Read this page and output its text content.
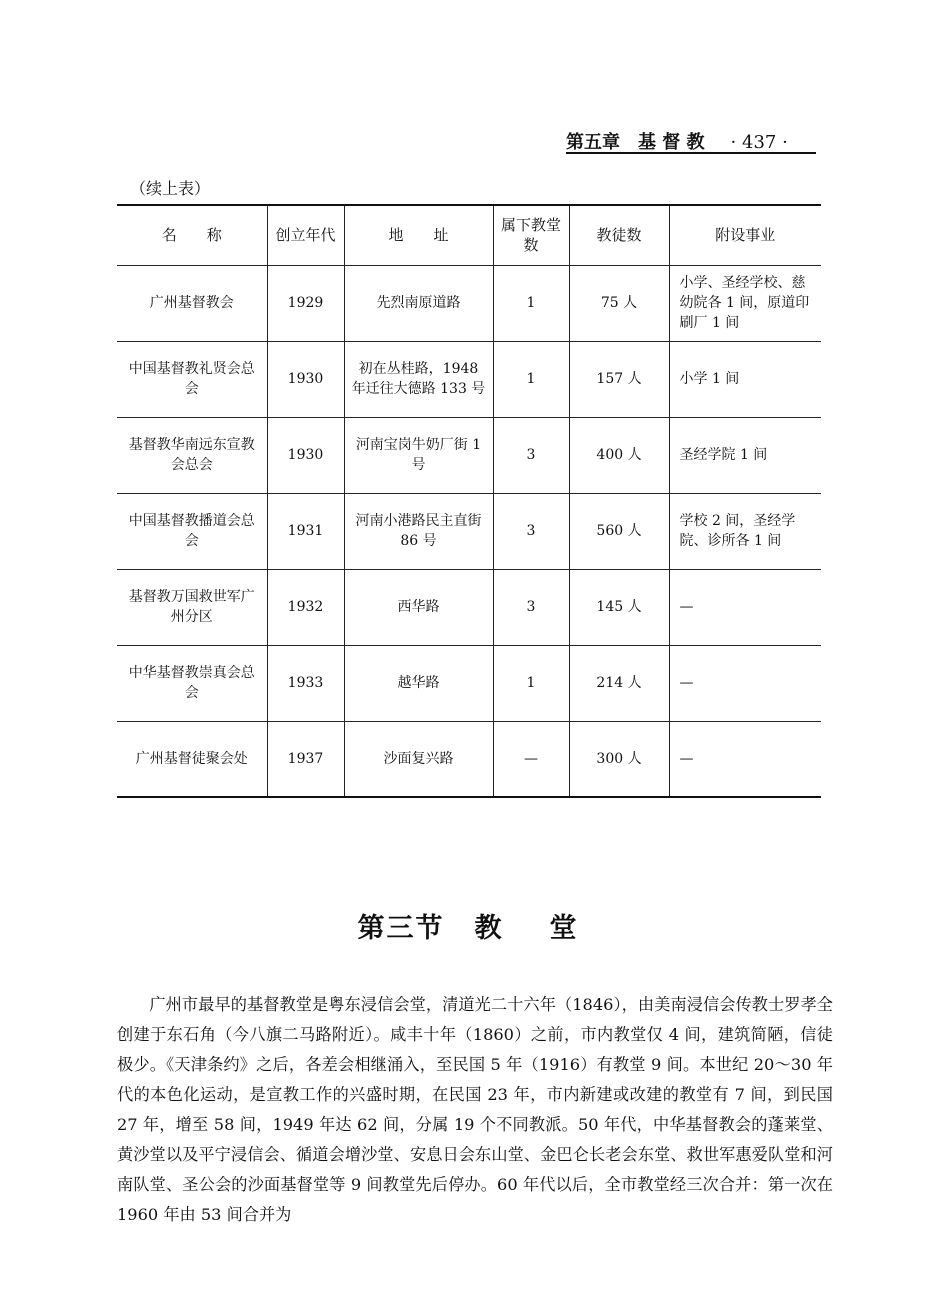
第五章 基 督 教 · 437 ·
（续上表）
名　　称	创立年代	地　　址	属下教堂数	教徒数	附设事业
广州基督教会	1929	先烈南原道路	1	75 人	小学、圣经学校、慈幼院各 1 间，原道印刷厂 1 间
中国基督教礼贤会总会	1930	初在丛桂路，1948 年迁往大德路 133 号	1	157 人	小学 1 间
基督教华南远东宣教会总会	1930	河南宝岗牛奶厂街 1 号	3	400 人	圣经学院 1 间
中国基督教播道会总会	1931	河南小港路民主直街 86 号	3	560 人	学校 2 间，圣经学院、诊所各 1 间
基督教万国救世军广州分区	1932	西华路	3	145 人	—
中华基督教崇真会总会	1933	越华路	1	214 人	—
广州基督徒聚会处	1937	沙面复兴路	—	300 人	—
第三节 教 堂

广州市最早的基督教堂是粤东浸信会堂，清道光二十六年（1846），由美南浸信会传教士罗孝全创建于东石角（今八旗二马路附近）。咸丰十年（1860）之前，市内教堂仅 4 间，建筑简陋，信徒极少。《天津条约》之后，各差会相继涌入，至民国 5 年（1916）有教堂 9 间。本世纪 20～30 年代的本色化运动，是宣教工作的兴盛时期，在民国 23 年，市内新建或改建的教堂有 7 间，到民国 27 年，增至 58 间，1949 年达 62 间，分属 19 个不同教派。50 年代，中华基督教会的蓬莱堂、黄沙堂以及平宁浸信会、循道会增沙堂、安息日会东山堂、金巴仑长老会东堂、救世军惠爱队堂和河南队堂、圣公会的沙面基督堂等 9 间教堂先后停办。60 年代以后，全市教堂经三次合并：第一次在 1960 年由 53 间合并为
